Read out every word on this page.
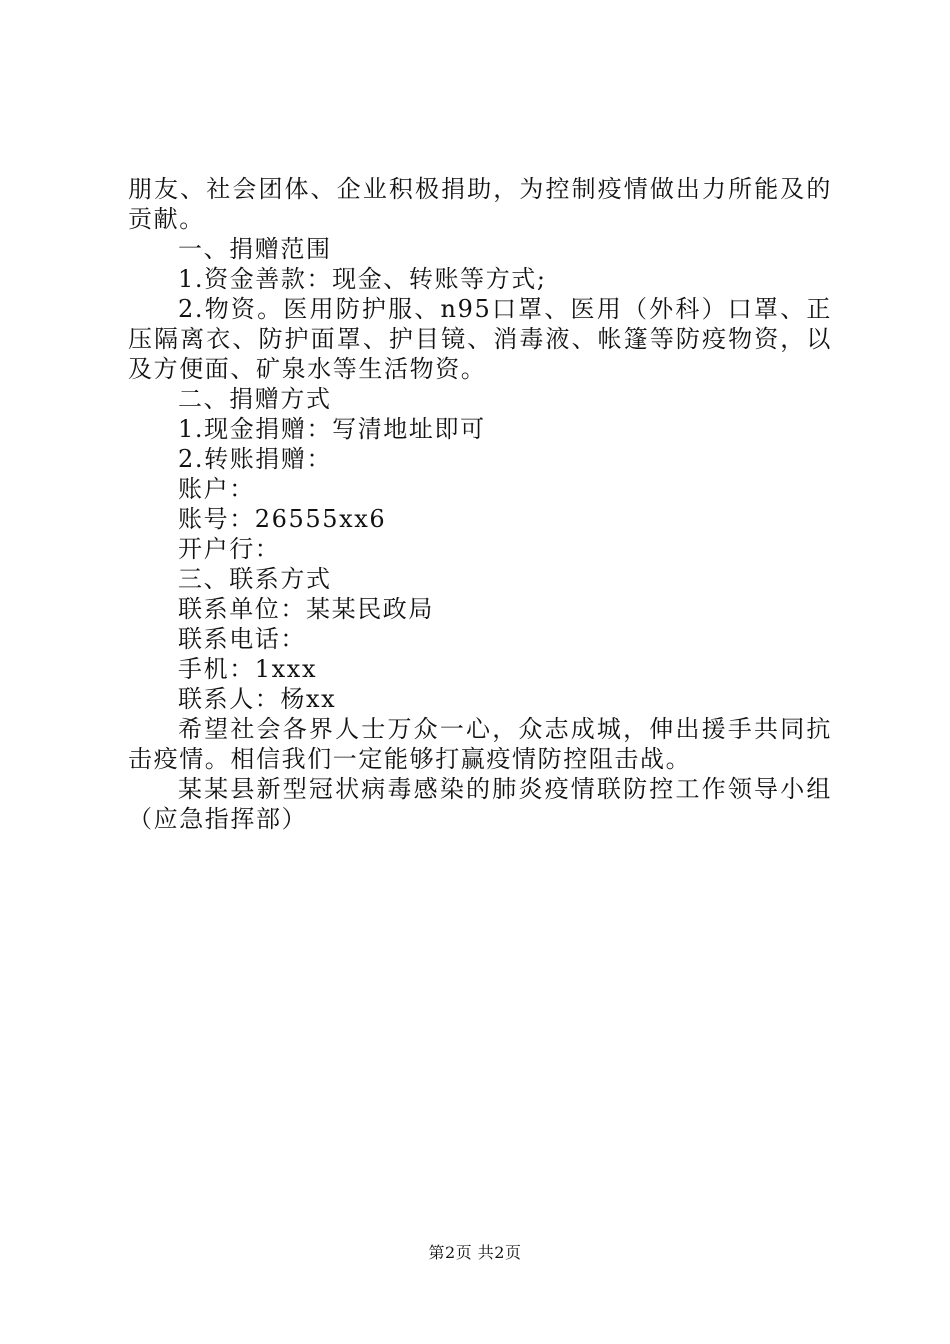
朋友、社会团体、企业积极捐助，为控制疫情做出力所能及的贡献。

一、捐赠范围

1.资金善款：现金、转账等方式;

2.物资。医用防护服、n95口罩、医用（外科）口罩、正压隔离衣、防护面罩、护目镜、消毒液、帐篷等防疫物资，以及方便面、矿泉水等生活物资。

二、捐赠方式

1.现金捐赠：写清地址即可

2.转账捐赠：

账户：

账号：26555xx6

开户行：

三、联系方式

联系单位：某某民政局

联系电话：

手机：1xxx

联系人：杨xx

希望社会各界人士万众一心，众志成城，伸出援手共同抗击疫情。相信我们一定能够打赢疫情防控阻击战。

某某县新型冠状病毒感染的肺炎疫情联防控工作领导小组（应急指挥部）

第2页 共2页
